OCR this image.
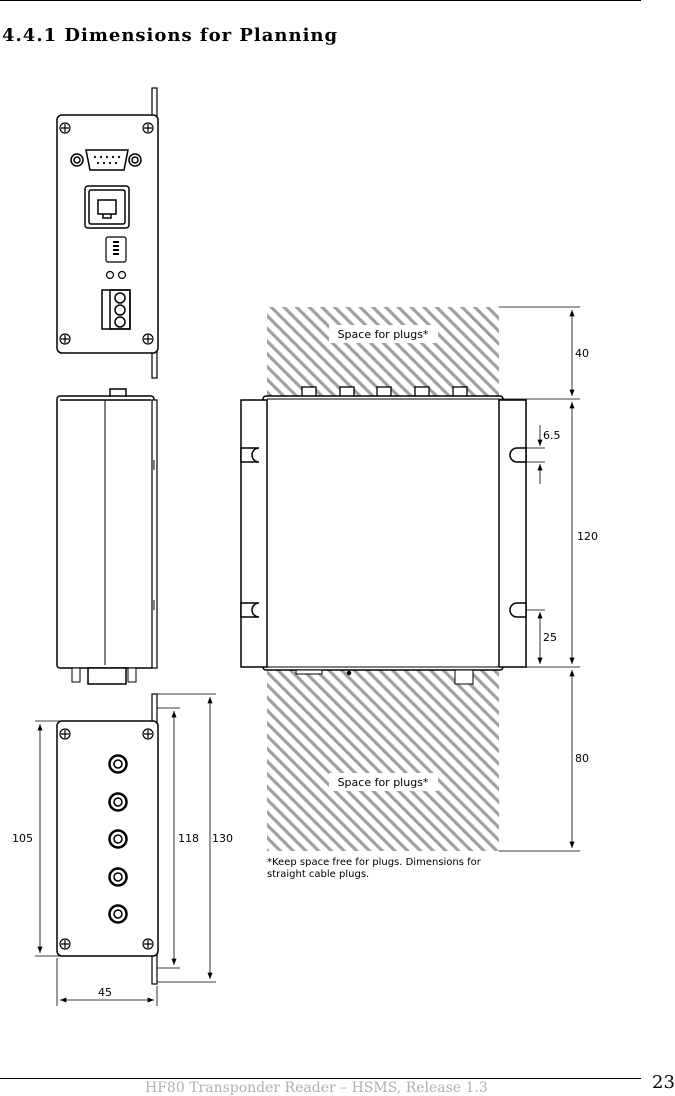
4.4.1 Dimensions for Planning
Space for plugs*
Space for plugs*
*Keep space free for plugs. Dimensions for
straight cable plugs.
40
6.5
120
25
80
105	118 130
45
HF80 Transponder Reader – HSMS, Release 1.3	23
